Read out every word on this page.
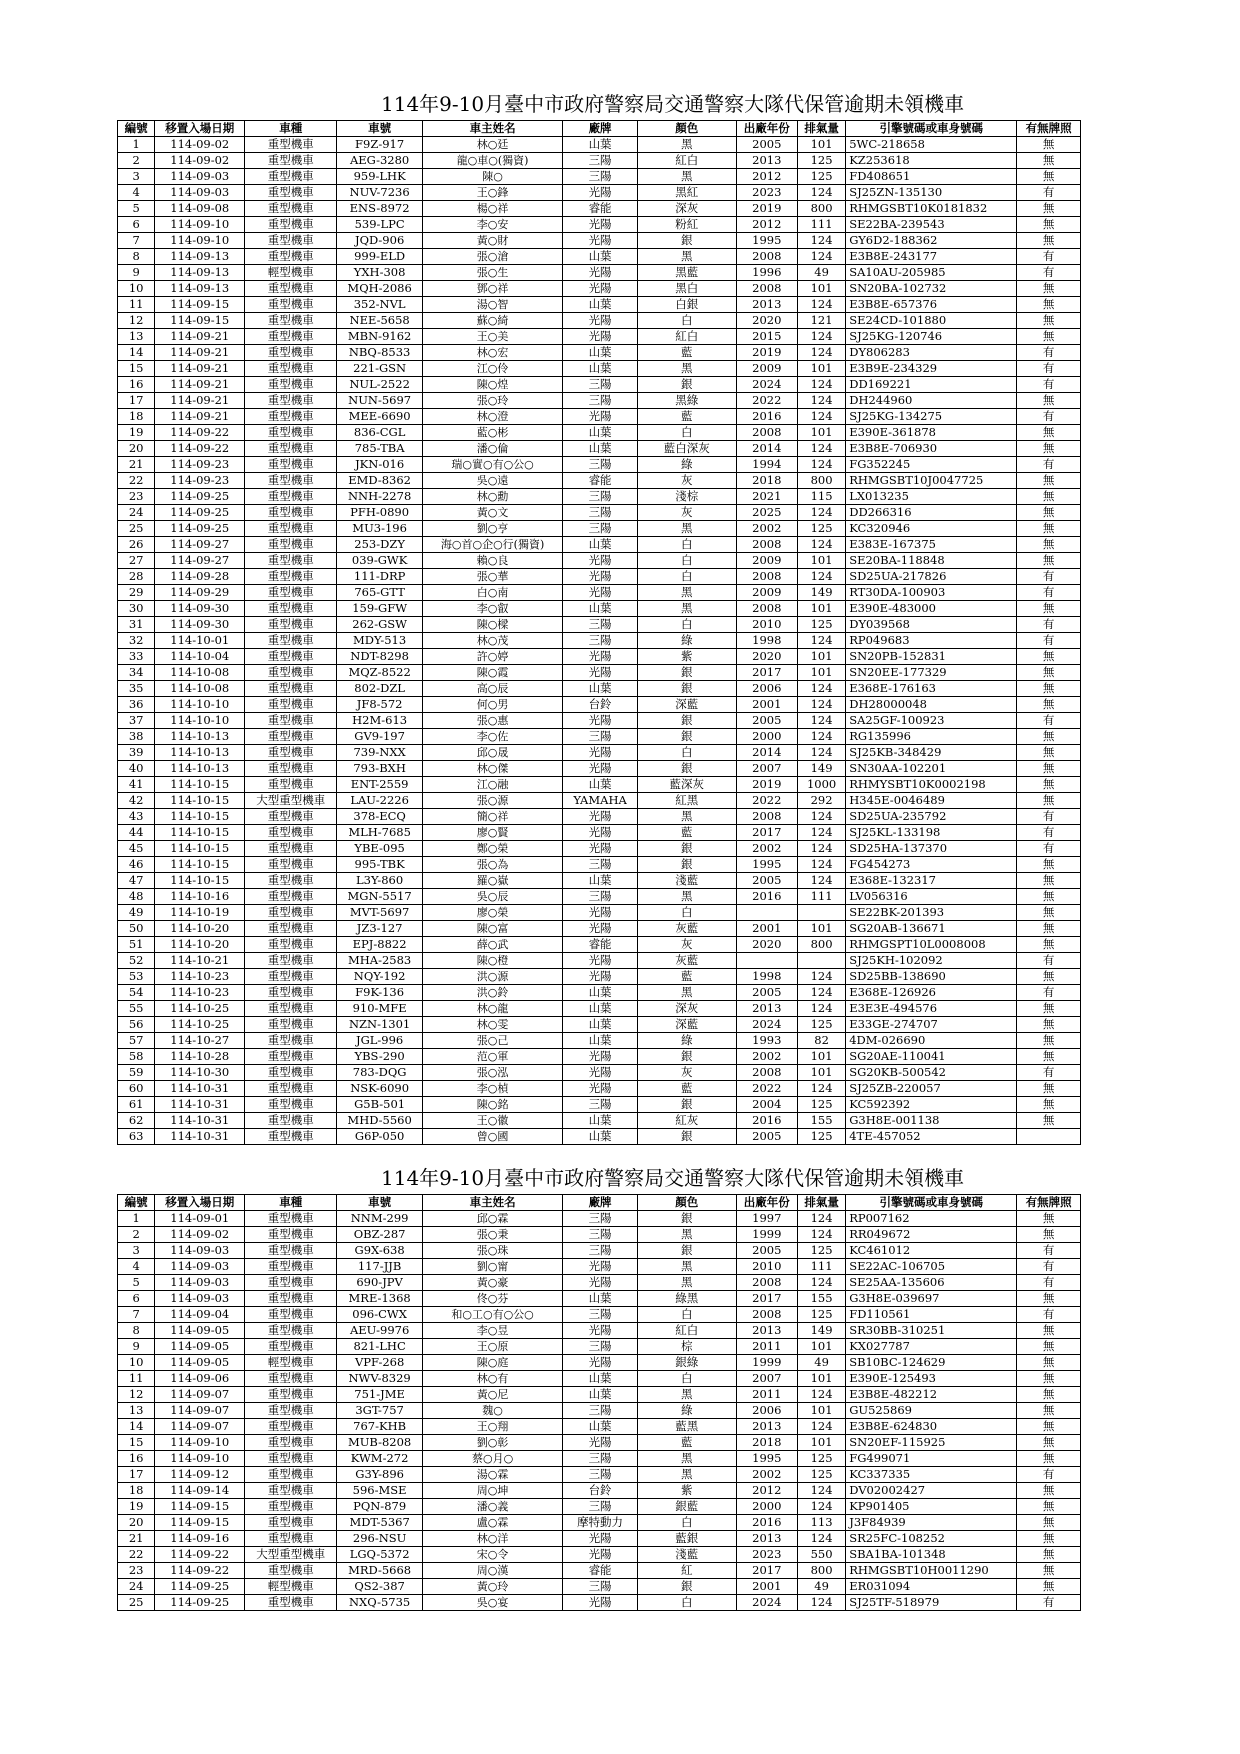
114年9-10月臺中市政府警察局交通警察大隊代保管逾期未領機車
編號	移置入場日期	車種	車號	車主姓名	廠牌	顏色	出廠年份	排氣量	引擎號碼或車身號碼	有無牌照
1	114-09-02	重型機車	F9Z-917	林○廷	山葉	黑	2005	101	5WC-218658	無
2	114-09-02	重型機車	AEG-3280	龍○車○(獨資)	三陽	紅白	2013	125	KZ253618	無
3	114-09-03	重型機車	959-LHK	陳○	三陽	黑	2012	125	FD408651	無
4	114-09-03	重型機車	NUV-7236	王○鋒	光陽	黑紅	2023	124	SJ25ZN-135130	有
5	114-09-08	重型機車	ENS-8972	楊○祥	睿能	深灰	2019	800	RHMGSBT10K0181832	無
6	114-09-10	重型機車	539-LPC	李○安	光陽	粉紅	2012	111	SE22BA-239543	無
7	114-09-10	重型機車	JQD-906	黃○財	光陽	銀	1995	124	GY6D2-188362	無
8	114-09-13	重型機車	999-ELD	張○滄	山葉	黑	2008	124	E3B8E-243177	有
9	114-09-13	輕型機車	YXH-308	張○生	光陽	黑藍	1996	49	SA10AU-205985	有
10	114-09-13	重型機車	MQH-2086	鄧○祥	光陽	黑白	2008	101	SN20BA-102732	無
11	114-09-15	重型機車	352-NVL	湯○智	山葉	白銀	2013	124	E3B8E-657376	無
12	114-09-15	重型機車	NEE-5658	蘇○綺	光陽	白	2020	121	SE24CD-101880	無
13	114-09-21	重型機車	MBN-9162	王○美	光陽	紅白	2015	124	SJ25KG-120746	無
14	114-09-21	重型機車	NBQ-8533	林○宏	山葉	藍	2019	124	DY806283	有
15	114-09-21	重型機車	221-GSN	江○伶	山葉	黑	2009	101	E3B9E-234329	有
16	114-09-21	重型機車	NUL-2522	陳○煌	三陽	銀	2024	124	DD169221	有
17	114-09-21	重型機車	NUN-5697	張○玲	三陽	黑綠	2022	124	DH244960	無
18	114-09-21	重型機車	MEE-6690	林○澄	光陽	藍	2016	124	SJ25KG-134275	有
19	114-09-22	重型機車	836-CGL	藍○彬	山葉	白	2008	101	E390E-361878	無
20	114-09-22	重型機車	785-TBA	潘○倫	山葉	藍白深灰	2014	124	E3B8E-706930	無
21	114-09-23	重型機車	JKN-016	瑞○實○有○公○	三陽	綠	1994	124	FG352245	有
22	114-09-23	重型機車	EMD-8362	吳○遠	睿能	灰	2018	800	RHMGSBT10J0047725	無
23	114-09-25	重型機車	NNH-2278	林○勳	三陽	淺棕	2021	115	LX013235	無
24	114-09-25	重型機車	PFH-0890	黃○文	三陽	灰	2025	124	DD266316	無
25	114-09-25	重型機車	MU3-196	劉○亨	三陽	黑	2002	125	KC320946	無
26	114-09-27	重型機車	253-DZY	海○首○企○行(獨資)	山葉	白	2008	124	E383E-167375	無
27	114-09-27	重型機車	039-GWK	賴○良	光陽	白	2009	101	SE20BA-118848	無
28	114-09-28	重型機車	111-DRP	張○華	光陽	白	2008	124	SD25UA-217826	有
29	114-09-29	重型機車	765-GTT	白○南	光陽	黑	2009	149	RT30DA-100903	有
30	114-09-30	重型機車	159-GFW	李○叡	山葉	黑	2008	101	E390E-483000	無
31	114-09-30	重型機車	262-GSW	陳○樑	三陽	白	2010	125	DY039568	有
32	114-10-01	重型機車	MDY-513	林○茂	三陽	綠	1998	124	RP049683	有
33	114-10-04	重型機車	NDT-8298	許○婷	光陽	紫	2020	101	SN20PB-152831	無
34	114-10-08	重型機車	MQZ-8522	陳○霞	光陽	銀	2017	101	SN20EE-177329	無
35	114-10-08	重型機車	802-DZL	高○辰	山葉	銀	2006	124	E368E-176163	無
36	114-10-10	重型機車	JF8-572	何○男	台鈴	深藍	2001	124	DH28000048	無
37	114-10-10	重型機車	H2M-613	張○惠	光陽	銀	2005	124	SA25GF-100923	有
38	114-10-13	重型機車	GV9-197	李○佐	三陽	銀	2000	124	RG135996	無
39	114-10-13	重型機車	739-NXX	邱○晟	光陽	白	2014	124	SJ25KB-348429	無
40	114-10-13	重型機車	793-BXH	林○傑	光陽	銀	2007	149	SN30AA-102201	無
41	114-10-15	重型機車	ENT-2559	江○融	山葉	藍深灰	2019	1000	RHMYSBT10K0002198	無
42	114-10-15	大型重型機車	LAU-2226	張○源	YAMAHA	紅黑	2022	292	H345E-0046489	無
43	114-10-15	重型機車	378-ECQ	簡○祥	光陽	黑	2008	124	SD25UA-235792	有
44	114-10-15	重型機車	MLH-7685	廖○賢	光陽	藍	2017	124	SJ25KL-133198	有
45	114-10-15	重型機車	YBE-095	鄭○榮	光陽	銀	2002	124	SD25HA-137370	有
46	114-10-15	重型機車	995-TBK	張○為	三陽	銀	1995	124	FG454273	無
47	114-10-15	重型機車	L3Y-860	羅○嶽	山葉	淺藍	2005	124	E368E-132317	無
48	114-10-16	重型機車	MGN-5517	吳○辰	三陽	黑	2016	111	LV056316	無
49	114-10-19	重型機車	MVT-5697	廖○榮	光陽	白			SE22BK-201393	無
50	114-10-20	重型機車	JZ3-127	陳○富	光陽	灰藍	2001	101	SG20AB-136671	無
51	114-10-20	重型機車	EPJ-8822	薛○武	睿能	灰	2020	800	RHMGSPT10L0008008	無
52	114-10-21	重型機車	MHA-2583	陳○橙	光陽	灰藍			SJ25KH-102092	有
53	114-10-23	重型機車	NQY-192	洪○源	光陽	藍	1998	124	SD25BB-138690	無
54	114-10-23	重型機車	F9K-136	洪○鈴	山葉	黑	2005	124	E368E-126926	有
55	114-10-25	重型機車	910-MFE	林○龍	山葉	深灰	2013	124	E3E3E-494576	無
56	114-10-25	重型機車	NZN-1301	林○雯	山葉	深藍	2024	125	E33GE-274707	無
57	114-10-27	重型機車	JGL-996	張○己	山葉	綠	1993	82	4DM-026690	無
58	114-10-28	重型機車	YBS-290	范○軍	光陽	銀	2002	101	SG20AE-110041	無
59	114-10-30	重型機車	783-DQG	張○泓	光陽	灰	2008	101	SG20KB-500542	有
60	114-10-31	重型機車	NSK-6090	李○楨	光陽	藍	2022	124	SJ25ZB-220057	無
61	114-10-31	重型機車	G5B-501	陳○銘	三陽	銀	2004	125	KC592392	無
62	114-10-31	重型機車	MHD-5560	王○徽	山葉	紅灰	2016	155	G3H8E-001138	無
63	114-10-31	重型機車	G6P-050	曾○國	山葉	銀	2005	125	4TE-457052	
114年9-10月臺中市政府警察局交通警察大隊代保管逾期未領機車
編號	移置入場日期	車種	車號	車主姓名	廠牌	顏色	出廠年份	排氣量	引擎號碼或車身號碼	有無牌照
1	114-09-01	重型機車	NNM-299	邱○霖	三陽	銀	1997	124	RP007162	無
2	114-09-02	重型機車	OBZ-287	張○秉	三陽	黑	1999	124	RR049672	無
3	114-09-03	重型機車	G9X-638	張○珠	三陽	銀	2005	125	KC461012	有
4	114-09-03	重型機車	117-JJB	劉○甯	光陽	黑	2010	111	SE22AC-106705	有
5	114-09-03	重型機車	690-JPV	黃○豪	光陽	黑	2008	124	SE25AA-135606	有
6	114-09-03	重型機車	MRE-1368	佟○芬	山葉	綠黑	2017	155	G3H8E-039697	無
7	114-09-04	重型機車	096-CWX	和○工○有○公○	三陽	白	2008	125	FD110561	有
8	114-09-05	重型機車	AEU-9976	李○昱	光陽	紅白	2013	149	SR30BB-310251	無
9	114-09-05	重型機車	821-LHC	王○原	三陽	棕	2011	101	KX027787	無
10	114-09-05	輕型機車	VPF-268	陳○庭	光陽	銀綠	1999	49	SB10BC-124629	無
11	114-09-06	重型機車	NWV-8329	林○有	山葉	白	2007	101	E390E-125493	無
12	114-09-07	重型機車	751-JME	黃○尼	山葉	黑	2011	124	E3B8E-482212	無
13	114-09-07	重型機車	3GT-757	魏○	三陽	綠	2006	101	GU525869	無
14	114-09-07	重型機車	767-KHB	王○翔	山葉	藍黑	2013	124	E3B8E-624830	無
15	114-09-10	重型機車	MUB-8208	劉○彰	光陽	藍	2018	101	SN20EF-115925	無
16	114-09-10	重型機車	KWM-272	蔡○月○	三陽	黑	1995	125	FG499071	無
17	114-09-12	重型機車	G3Y-896	湯○霖	三陽	黑	2002	125	KC337335	有
18	114-09-14	重型機車	596-MSE	周○坤	台鈴	紫	2012	124	DV02002427	無
19	114-09-15	重型機車	PQN-879	潘○義	三陽	銀藍	2000	124	KP901405	無
20	114-09-15	重型機車	MDT-5367	盧○霖	摩特動力	白	2016	113	J3F84939	無
21	114-09-16	重型機車	296-NSU	林○洋	光陽	藍銀	2013	124	SR25FC-108252	無
22	114-09-22	大型重型機車	LGQ-5372	宋○令	光陽	淺藍	2023	550	SBA1BA-101348	無
23	114-09-22	重型機車	MRD-5668	周○漢	睿能	紅	2017	800	RHMGSBT10H0011290	無
24	114-09-25	輕型機車	QS2-387	黃○玲	三陽	銀	2001	49	ER031094	無
25	114-09-25	重型機車	NXQ-5735	吳○宴	光陽	白	2024	124	SJ25TF-518979	有
